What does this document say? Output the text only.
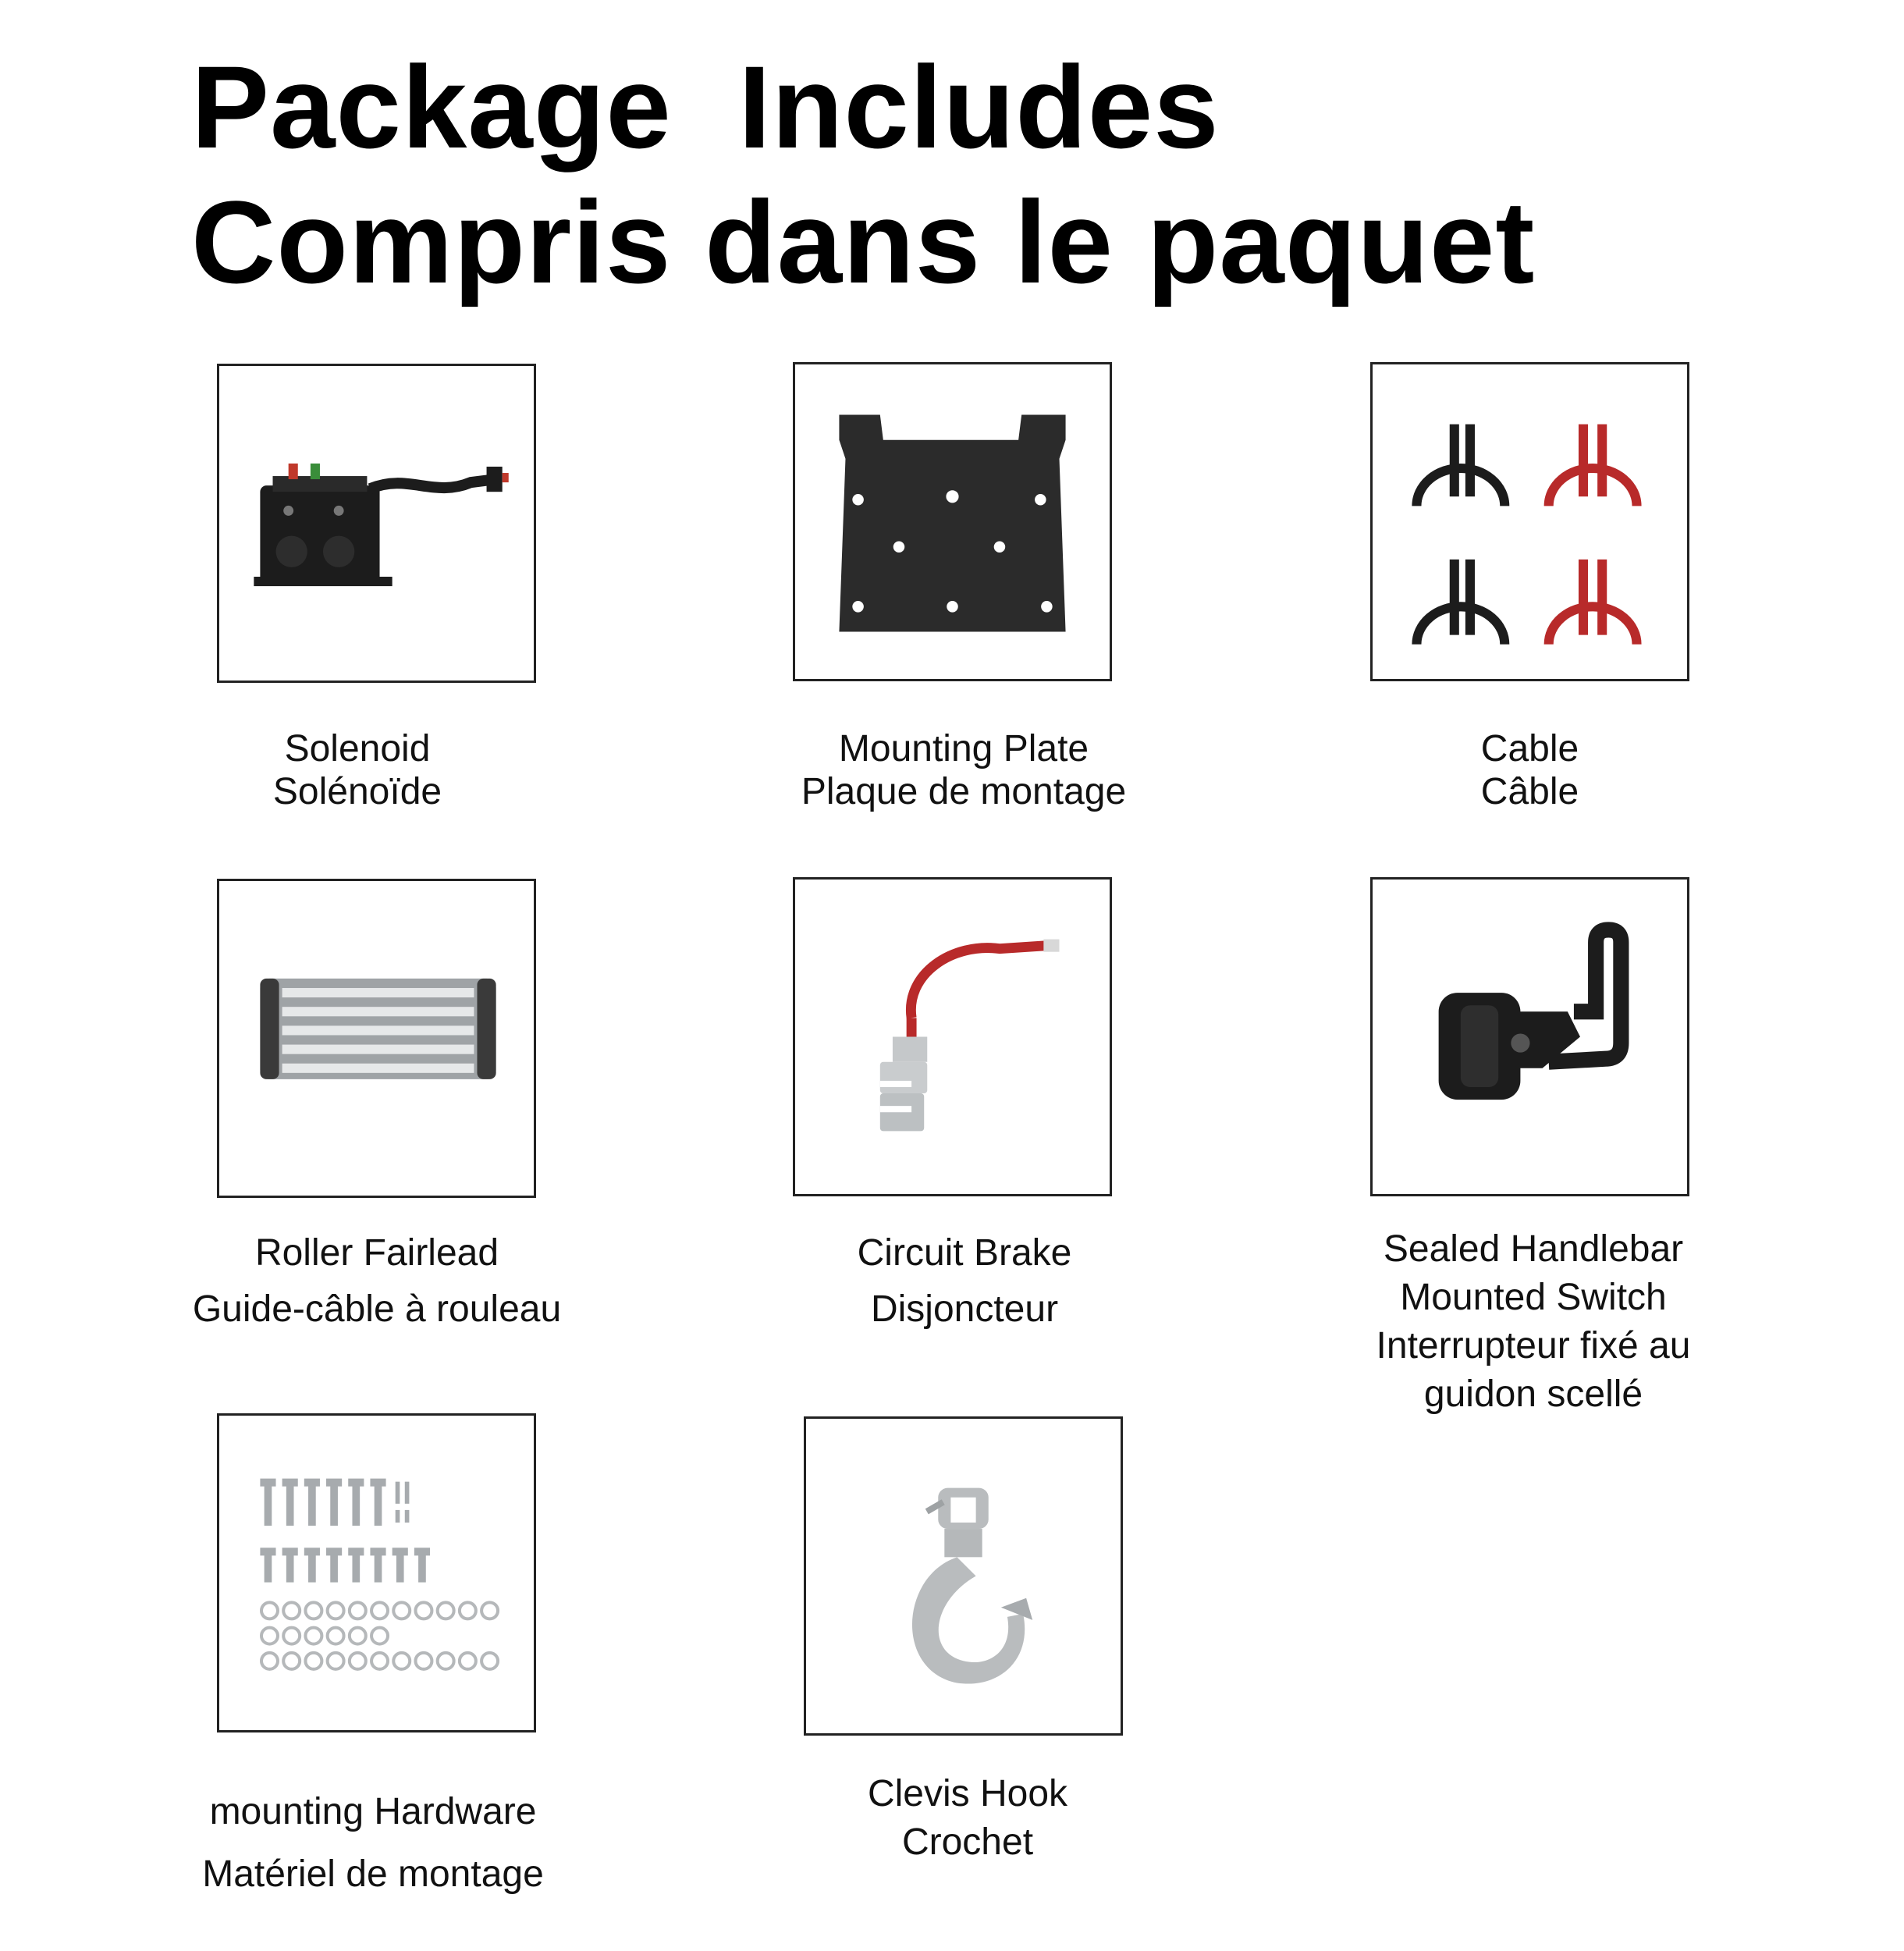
Package  Includes
Compris dans le paquet
Solenoid
Solénoïde
Mounting Plate
Plaque de montage
Cable
Câble
Roller Fairlead
Guide-câble à rouleau
Circuit Brake
Disjoncteur
Sealed Handlebar
Mounted Switch
Interrupteur fixé au
guidon scellé
mounting Hardware
Matériel de montage
Clevis Hook
Crochet
